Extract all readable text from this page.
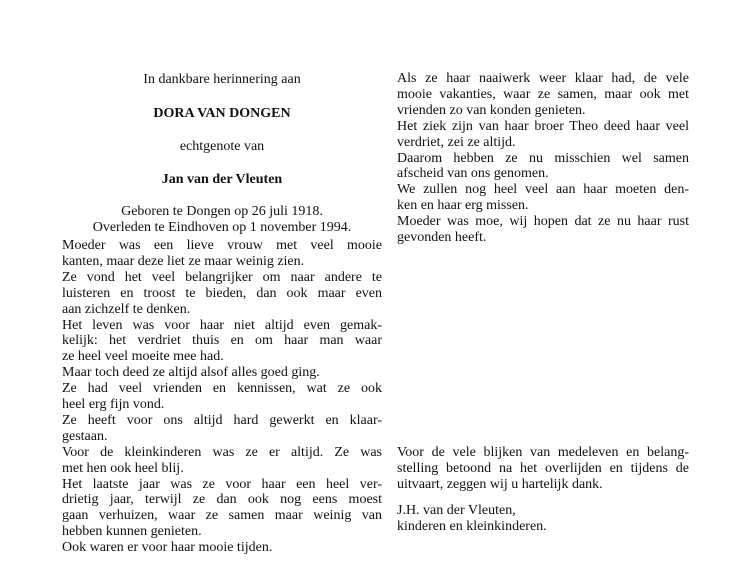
In dankbare herinnering aan
DORA VAN DONGEN
echtgenote van
Jan van der Vleuten
Geboren te Dongen op 26 juli 1918.
Overleden te Eindhoven op 1 november 1994.
Moeder was een lieve vrouw met veel mooie
kanten, maar deze liet ze maar weinig zien.
Ze vond het veel belangrijker om naar andere te
luisteren en troost te bieden, dan ook maar even
aan zichzelf te denken.
Het leven was voor haar niet altijd even gemak-
kelijk: het verdriet thuis en om haar man waar
ze heel veel moeite mee had.
Maar toch deed ze altijd alsof alles goed ging.
Ze had veel vrienden en kennissen, wat ze ook
heel erg fijn vond.
Ze heeft voor ons altijd hard gewerkt en klaar-
gestaan.
Voor de kleinkinderen was ze er altijd. Ze was
met hen ook heel blij.
Het laatste jaar was ze voor haar een heel ver-
drietig jaar, terwijl ze dan ook nog eens moest
gaan verhuizen, waar ze samen maar weinig van
hebben kunnen genieten.
Ook waren er voor haar mooie tijden.
Als ze haar naaiwerk weer klaar had, de vele
mooie vakanties, waar ze samen, maar ook met
vrienden zo van konden genieten.
Het ziek zijn van haar broer Theo deed haar veel
verdriet, zei ze altijd.
Daarom hebben ze nu misschien wel samen
afscheid van ons genomen.
We zullen nog heel veel aan haar moeten den-
ken en haar erg missen.
Moeder was moe, wij hopen dat ze nu haar rust
gevonden heeft.
Voor de vele blijken van medeleven en belang-
stelling betoond na het overlijden en tijdens de
uitvaart, zeggen wij u hartelijk dank.
J.H. van der Vleuten,
kinderen en kleinkinderen.
